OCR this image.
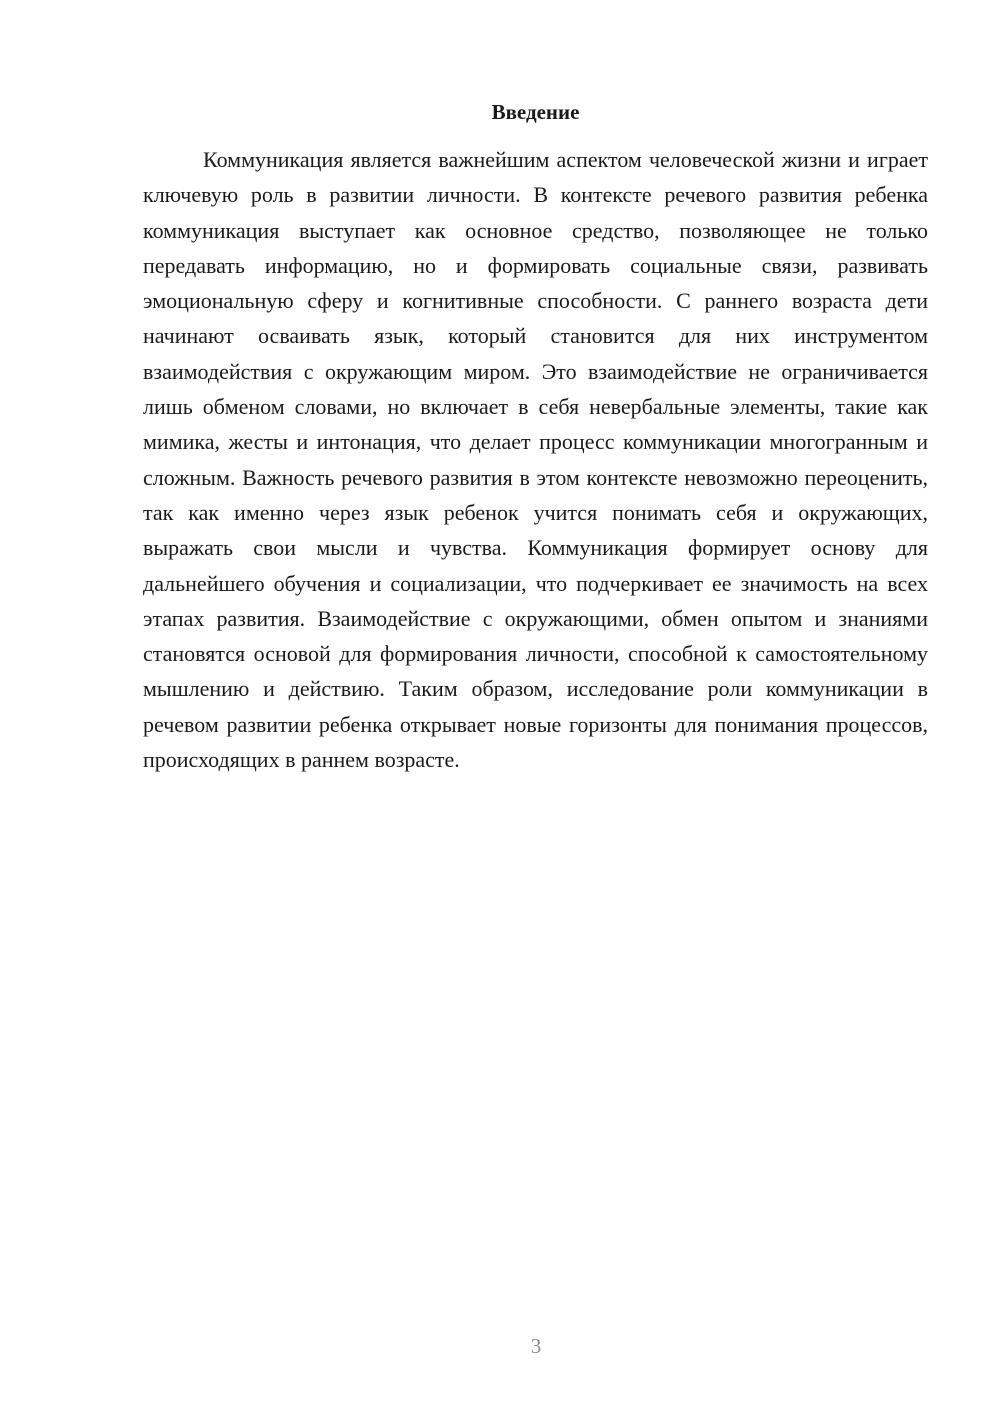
Введение

Коммуникация является важнейшим аспектом человеческой жизни и играет ключевую роль в развитии личности. В контексте речевого развития ребенка коммуникация выступает как основное средство, позволяющее не только передавать информацию, но и формировать социальные связи, развивать эмоциональную сферу и когнитивные способности. С раннего возраста дети начинают осваивать язык, который становится для них инструментом взаимодействия с окружающим миром. Это взаимодействие не ограничивается лишь обменом словами, но включает в себя невербальные элементы, такие как мимика, жесты и интонация, что делает процесс коммуникации многогранным и сложным. Важность речевого развития в этом контексте невозможно переоценить, так как именно через язык ребенок учится понимать себя и окружающих, выражать свои мысли и чувства. Коммуникация формирует основу для дальнейшего обучения и социализации, что подчеркивает ее значимость на всех этапах развития. Взаимодействие с окружающими, обмен опытом и знаниями становятся основой для формирования личности, способной к самостоятельному мышлению и действию. Таким образом, исследование роли коммуникации в речевом развитии ребенка открывает новые горизонты для понимания процессов, происходящих в раннем возрасте.

3
